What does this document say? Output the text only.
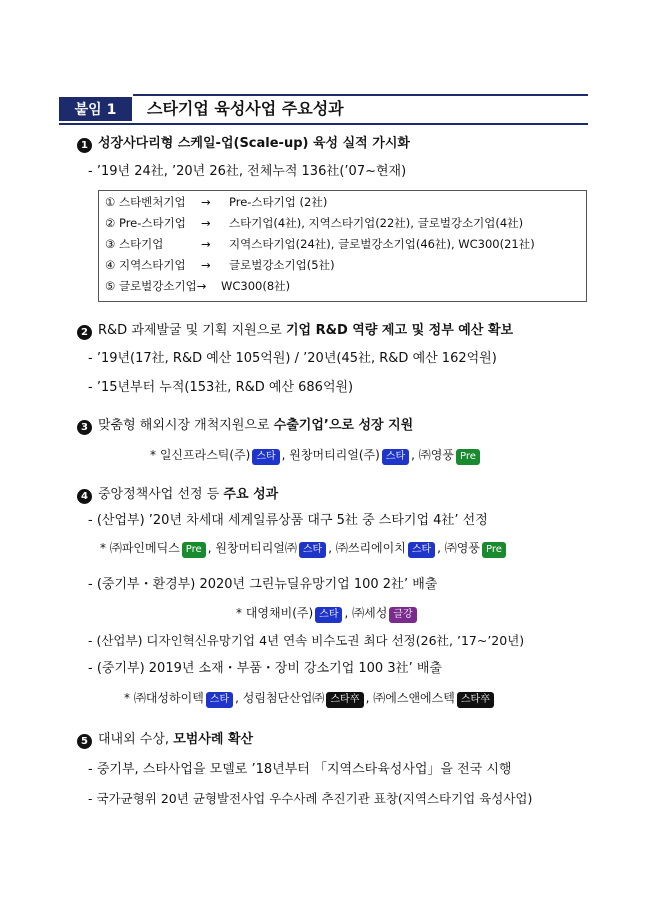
붙임 1	스타기업 육성사업 주요성과
1 성장사다리형 스케일-업(Scale-up) 육성 실적 가시화
- ’19년 24社, ’20년 26社, 전체누적 136社(’07~현재)
① 스타벤처기업 → Pre-스타기업 (2社)
② Pre-스타기업 → 스타기업(4社), 지역스타기업(22社), 글로벌강소기업(4社)
③ 스타기업	→ 지역스타기업(24社), 글로벌강소기업(46社), WC300(21社)
④ 지역스타기업 → 글로벌강소기업(5社)
⑤ 글로벌강소기업→ WC300(8社)
2 R&D 과제발굴 및 기획 지원으로 기업 R&D 역량 제고 및 정부 예산 확보
- ’19년(17社, R&D 예산 105억원) / ’20년(45社, R&D 예산 162억원)
- ’15년부터 누적(153社, R&D 예산 686억원)
3 맞춤형 해외시장 개척지원으로 수출기업’으로 성장 지원
* 일신프라스틱(주) 스타 , 원창머티리얼(주) 스타 , ㈜영풍 Pre
4 중앙정책사업 선정 등 주요 성과
- (산업부) ’20년 차세대 세계일류상품 대구 5社 중 스타기업 4社’ 선정
* ㈜파인메딕스 Pre , 원창머티리얼㈜ 스타 , ㈜쓰리에이치 스타 , ㈜영풍 Pre
- (중기부・환경부) 2020년 그린뉴딜유망기업 100 2社’ 배출
* 대영채비(주) 스타 , ㈜세성 글강
- (산업부) 디자인혁신유망기업 4년 연속 비수도권 최다 선정(26社, ’17~’20년)
- (중기부) 2019년 소재・부품・장비 강소기업 100 3社’ 배출
* ㈜대성하이텍 스타 , 성림첨단산업㈜ 스타卒 , ㈜에스앤에스텍 스타卒
5 대내외 수상, 모범사례 확산
- 중기부, 스타사업을 모델로 ’18년부터 「지역스타육성사업」을 전국 시행
- 국가균형위 20년 균형발전사업 우수사례 추진기관 표창(지역스타기업 육성사업)
